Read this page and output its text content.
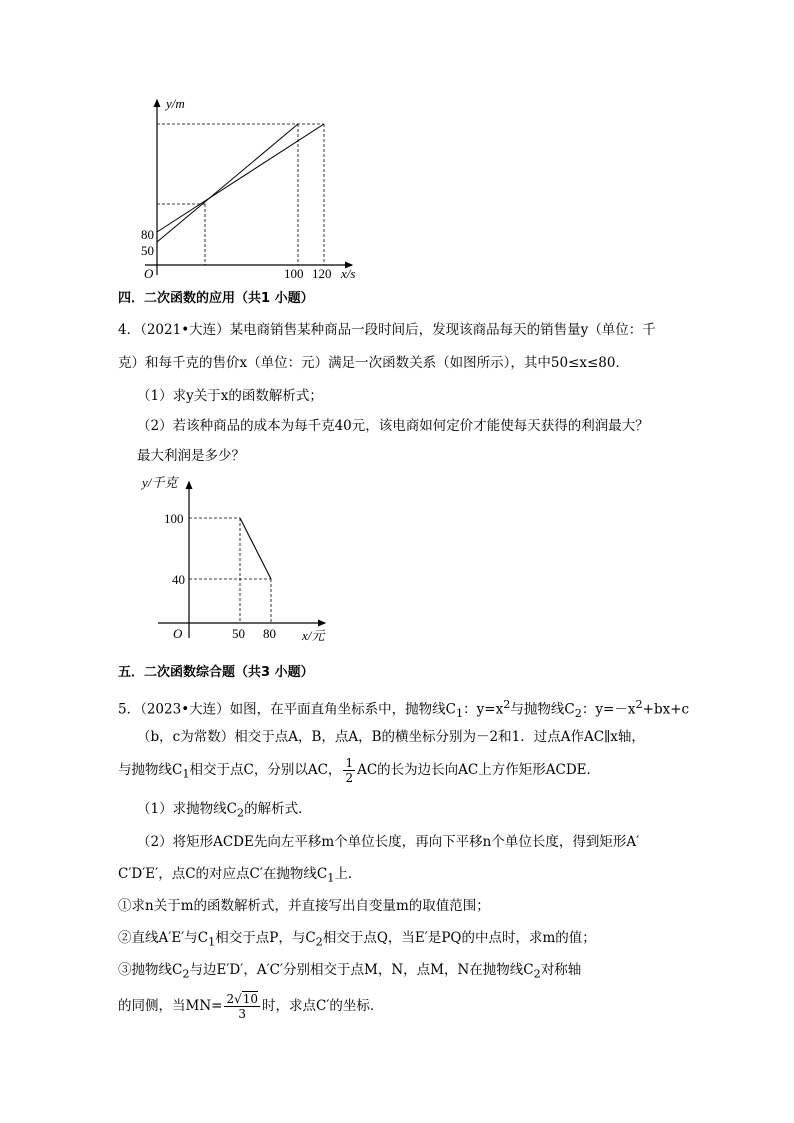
y/m
80
50
O	100 120 x/s
四．二次函数的应用（共1 小题）
4．（2021•大连）某电商销售某种商品一段时间后，发现该商品每天的销售量y（单位：千
克）和每千克的售价x（单位：元）满足一次函数关系（如图所示），其中50≤x≤80．
（1）求y关于x的函数解析式；
（2）若该种商品的成本为每千克40元，该电商如何定价才能使每天获得的利润最大？
最大利润是多少？
y/千克
100
40
O	50 80 x/元
五．二次函数综合题（共3 小题）
5．（2023•大连）如图，在平面直角坐标系中，抛物线$C_1$：$y=x^2$与抛物线$C_2$：$y=-x^2+bx+c$
（b，c为常数）相交于点A，B，点A，B的横坐标分别为－2和1．过点A作AC∥x轴，
与抛物线$C_1$相交于点C，分别以AC， $\frac{1}{2}$ AC的长为边长向AC上方作矩形ACDE．
（1）求抛物线$C_2$的解析式．
（2）将矩形ACDE先向左平移m个单位长度，再向下平移n个单位长度，得到矩形A′
C′D′E′，点C的对应点C′在抛物线$C_1$上．
①求n关于m的函数解析式，并直接写出自变量m的取值范围；
②直线A′E′与$C_1$相交于点P，与$C_2$相交于点Q，当E′是PQ的中点时，求m的值；
③抛物线$C_2$与边E′D′，A′C′分别相交于点M，N，点M，N在抛物线$C_2$对称轴
的同侧，当$MN= \frac{2√10}{3}$ 时，求点C′的坐标．
